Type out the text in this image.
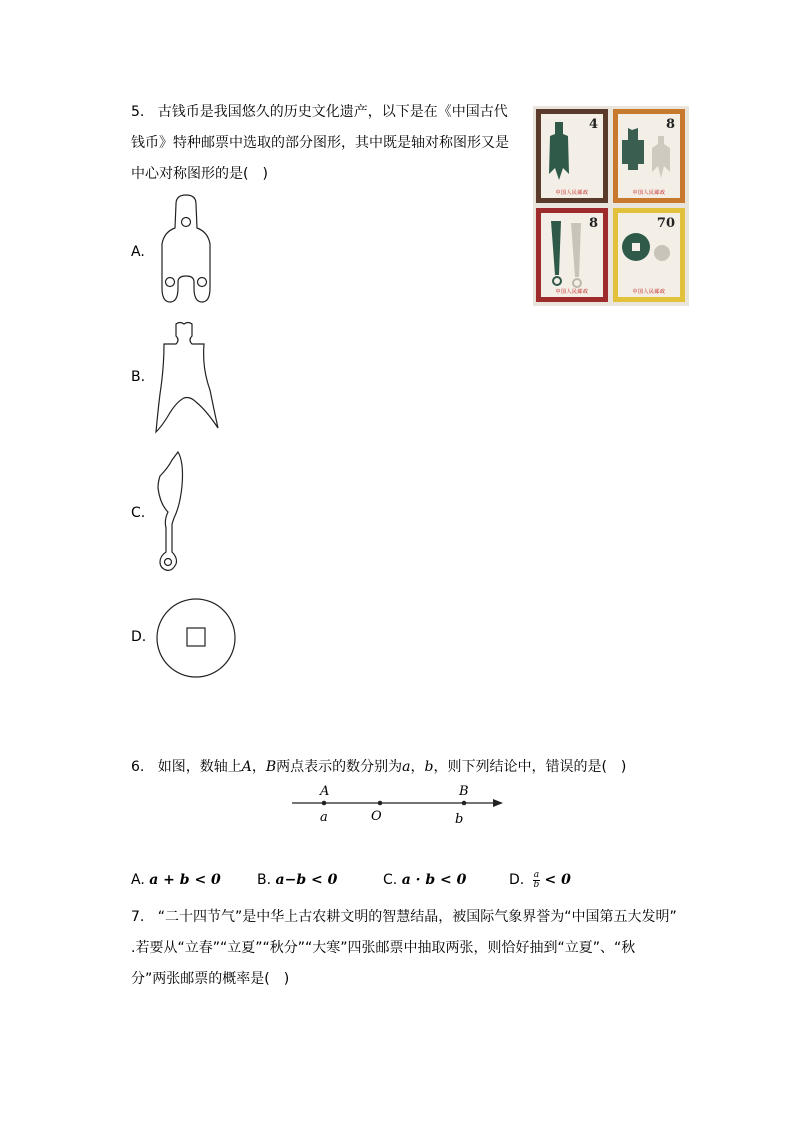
5. 古钱币是我国悠久的历史文化遗产，以下是在《中国古代
钱币》特种邮票中选取的部分图形，其中既是轴对称图形又是
中心对称图形的是(　)
4
中国人民邮政
8
中国人民邮政
8
中国人民邮政
70
中国人民邮政
A.
B.
C.
D.
6. 如图，数轴上A，B两点表示的数分别为a，b，则下列结论中，错误的是(　)
A	B
a	O	b
A. a + b < 0	B. a−b < 0	C. a · b < 0	D. $\frac{a}{b} < 0$
7. “二十四节气”是中华上古农耕文明的智慧结晶，被国际气象界誉为“中国第五大发明”
.若要从“立春”“立夏”“秋分”“大寒”四张邮票中抽取两张，则恰好抽到“立夏”、“秋
分”两张邮票的概率是(　)
